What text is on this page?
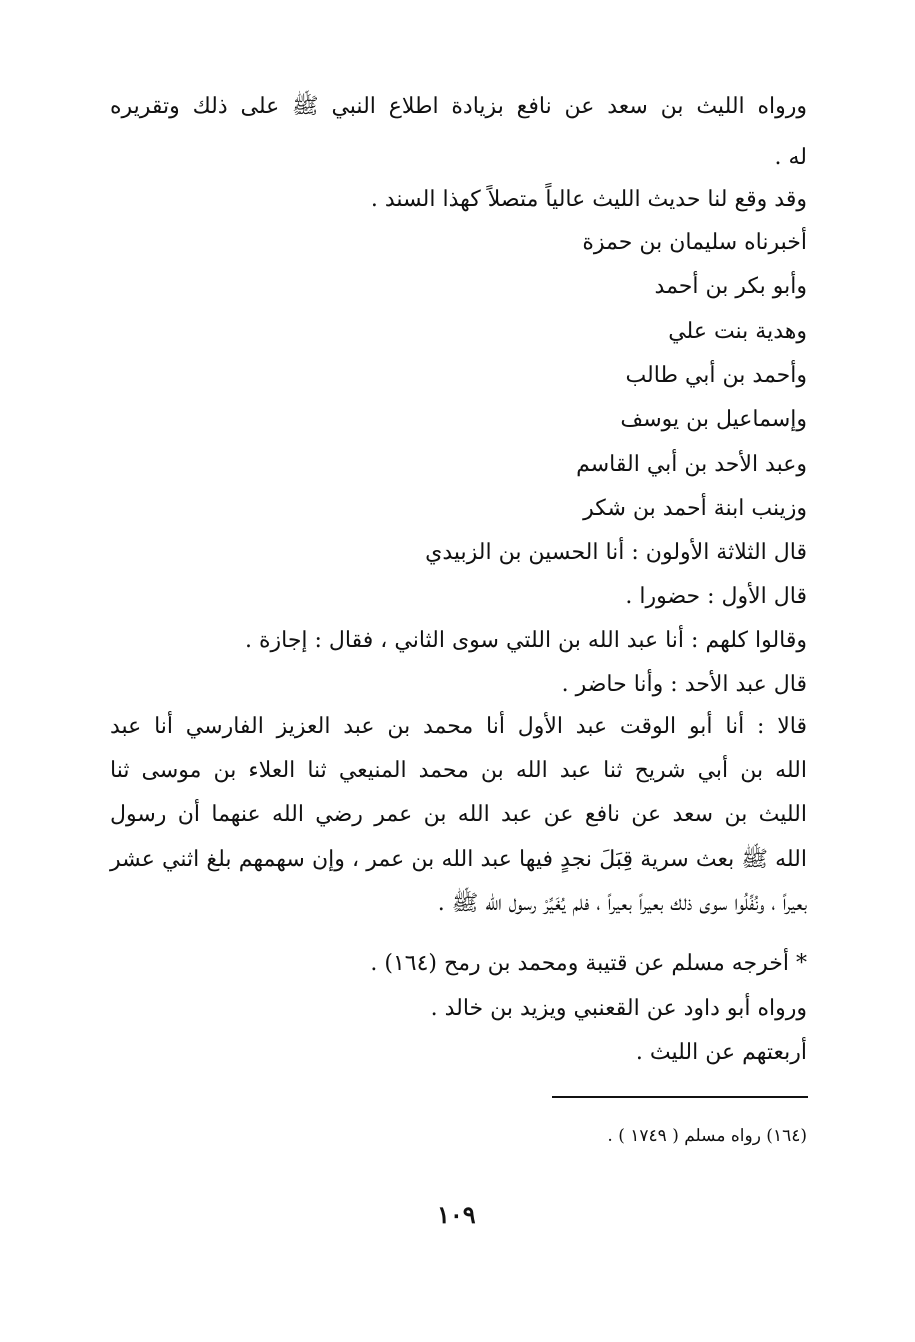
ورواه الليث بن سعد عن نافع بزيادة اطلاع النبي ﷺ على ذلك وتقريره
له .
وقد وقع لنا حديث الليث عالياً متصلاً كهذا السند .
أخبرناه سليمان بن حمزة
وأبو بكر بن أحمد
وهدية بنت علي
وأحمد بن أبي طالب
وإسماعيل بن يوسف
وعبد الأحد بن أبي القاسم
وزينب ابنة أحمد بن شكر
قال الثلاثة الأولون : أنا الحسين بن الزبيدي
قال الأول : حضورا .
وقالوا كلهم : أنا عبد الله بن اللتي سوى الثاني ، فقال : إجازة .
قال عبد الأحد : وأنا حاضر .
قالا : أنا أبو الوقت عبد الأول أنا محمد بن عبد العزيز الفارسي أنا عبد
الله بن أبي شريح ثنا عبد الله بن محمد المنيعي ثنا العلاء بن موسى ثنا
الليث بن سعد عن نافع عن عبد الله بن عمر رضي الله عنهما أن رسول
الله ﷺ بعث سرية قِبَلَ نجدٍ فيها عبد الله بن عمر ، وإن سهمهم بلغ اثني عشر
بعيراً ، ونُفِّلُوا سوى ذلك بعيراً بعيراً ، فلم يُغَيِّرْ رسول الله ﷺ .
* أخرجه مسلم عن قتيبة ومحمد بن رمح (١٦٤) .
ورواه أبو داود عن القعنبي ويزيد بن خالد .
أربعتهم عن الليث .
(١٦٤) رواه مسلم ( ١٧٤٩ ) .
١٠٩
